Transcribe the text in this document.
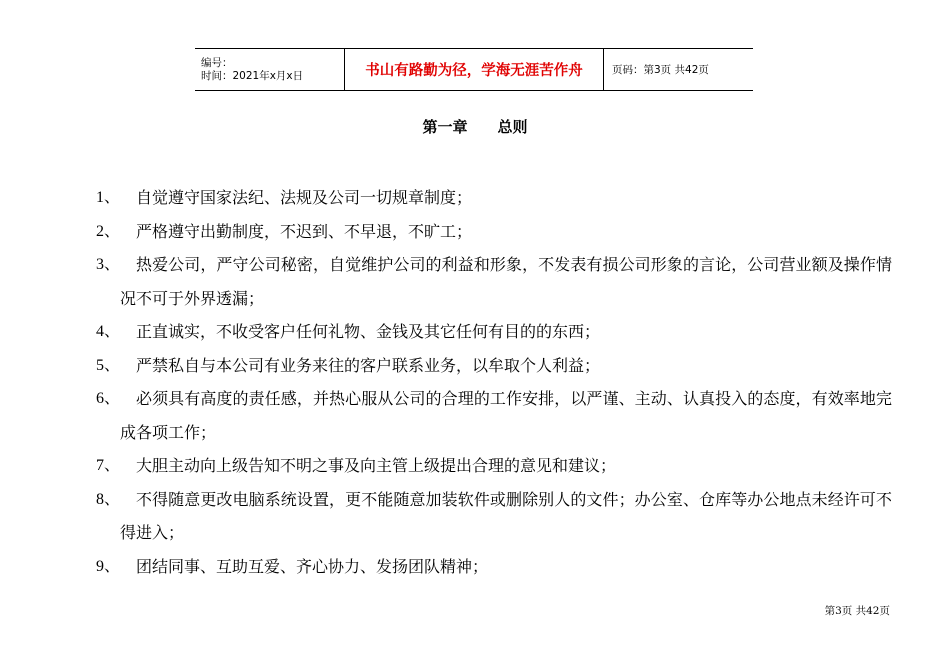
编号：
时间：2021年x月x日	书山有路勤为径，学海无涯苦作舟	页码：第3页 共42页
第一章　　总则
1、 自觉遵守国家法纪、法规及公司一切规章制度；
2、 严格遵守出勤制度，不迟到、不早退，不旷工；
3、 热爱公司，严守公司秘密，自觉维护公司的利益和形象，不发表有损公司形象的言论，公司营业额及操作情况不可于外界透漏；
4、 正直诚实，不收受客户任何礼物、金钱及其它任何有目的的东西；
5、 严禁私自与本公司有业务来往的客户联系业务，以牟取个人利益；
6、 必须具有高度的责任感，并热心服从公司的合理的工作安排，以严谨、主动、认真投入的态度，有效率地完成各项工作；
7、 大胆主动向上级告知不明之事及向主管上级提出合理的意见和建议；
8、 不得随意更改电脑系统设置，更不能随意加装软件或删除别人的文件；办公室、仓库等办公地点未经许可不得进入；
9、 团结同事、互助互爱、齐心协力、发扬团队精神；
第3页 共42页
